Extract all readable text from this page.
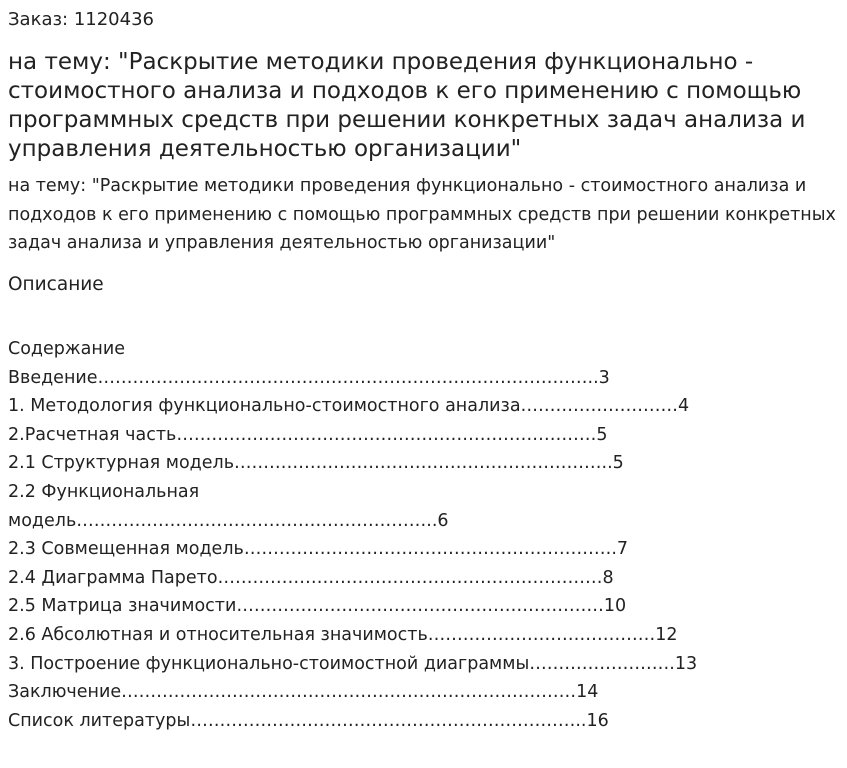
Заказ: 1120436
на тему: "Раскрытие методики проведения функционально - стоимостного анализа и подходов к его применению с помощью программных средств при решении конкретных задач анализа и управления деятельностью организации"

на тему: "Раскрытие методики проведения функционально - стоимостного анализа и подходов к его применению с помощью программных средств при решении конкретных задач анализа и управления деятельностью организации"

Описание
Содержание
Введение…………………………………………………………………………..3
1. Методология функционально-стоимостного анализа………………………4
2.Расчетная часть………………………………………………………………5
2.1 Структурная модель………………………………………………………..5
2.2 Функциональная
модель……………………………………………………..6
2.3 Совмещенная модель……………………………………………………….7
2.4 Диаграмма Парето…………………………………………………………8
2.5 Матрица значимости………………………………………………………10
2.6 Абсолютная и относительная значимость…………………………………12
3. Построение функционально-стоимостной диаграммы…………………….13
Заключение……………………………………………………………………14
Список литературы…………………………………………………………..16
